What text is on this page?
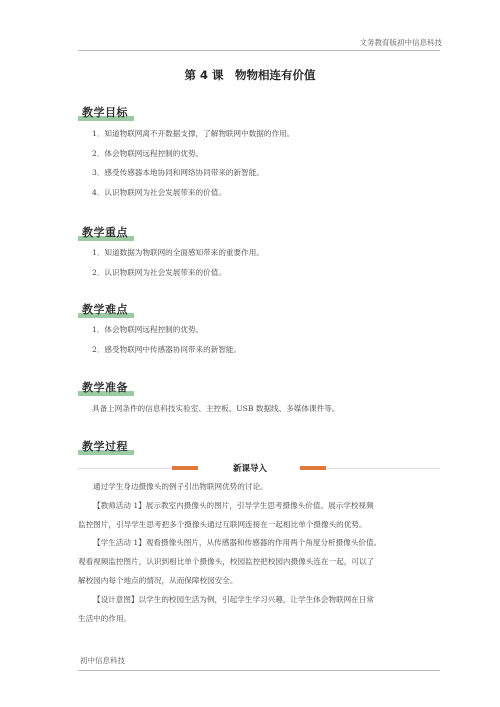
文务教育版初中信息科技
第 4 课　物物相连有价值
教学目标
1．知道物联网离不开数据支撑，了解物联网中数据的作用。
2．体会物联网远程控制的优势。
3．感受传感器本地协同和网络协同带来的新智能。
4．认识物联网为社会发展带来的价值。
教学重点
1．知道数据为物联网的全面感知带来的重要作用。
2．认识物联网为社会发展带来的价值。
教学难点
1．体会物联网远程控制的优势。
2．感受物联网中传感器协同带来的新智能。
教学准备
具备上网条件的信息科技实验室、主控板、USB 数据线、多媒体课件等。
教学过程
新课导入

通过学生身边摄像头的例子引出物联网优势的讨论。

【教师活动 1】展示教室内摄像头的图片，引导学生思考摄像头价值。展示学校视频

监控图片，引导学生思考把多个摄像头通过互联网连接在一起相比单个摄像头的优势。

【学生活动 1】观看摄像头图片，从传感器和传感器的作用两个角度分析摄像头价值。

观看视频监控图片，认识到相比单个摄像头，校园监控把校园内摄像头连在一起，可以了

解校园内每个地点的情况，从而保障校园安全。

【设计意图】以学生的校园生活为例，引起学生学习兴趣，让学生体会物联网在日常

生活中的作用。

初中信息科技
